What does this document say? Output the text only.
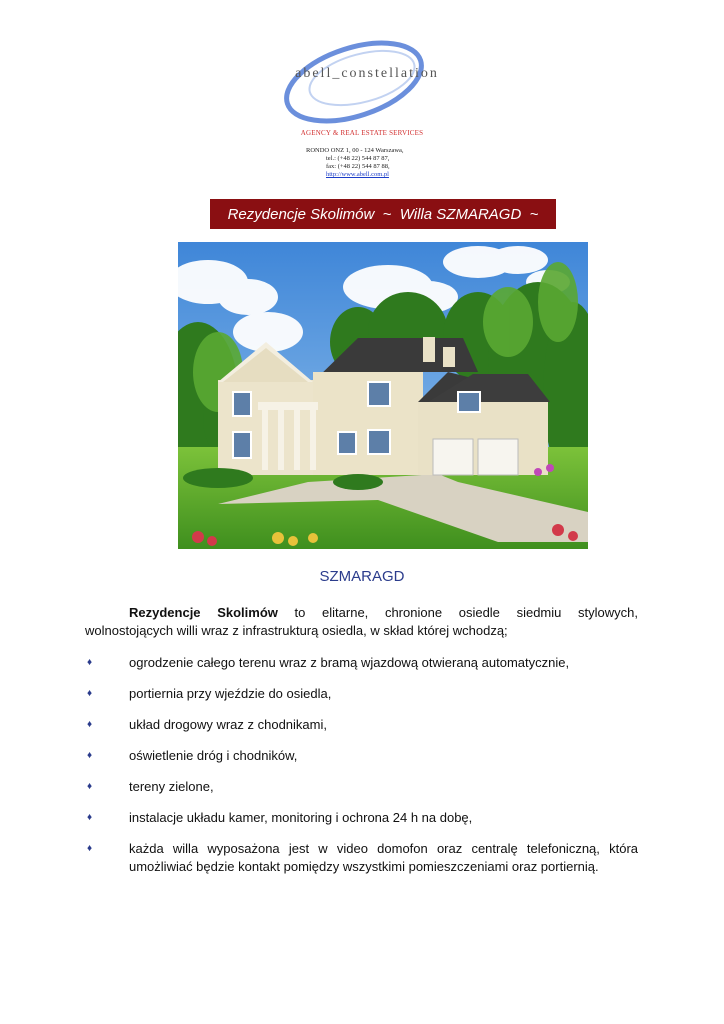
abell_constellation
AGENCY & REAL ESTATE SERVICES
RONDO ONZ 1, 00 - 124 Warszawa,
tel.: (+48 22) 544 87 87,
fax: (+48 22) 544 87 88,
http://www.abell.com.pl
Rezydencje Skolimów  ~  Willa SZMARAGD  ~
SZMARAGD
Rezydencje Skolimów to elitarne, chronione osiedle siedmiu stylowych, wolnostojących willi wraz z infrastrukturą osiedla, w skład której wchodzą;
♦	ogrodzenie całego terenu wraz z bramą wjazdową otwieraną automatycznie,
♦	portiernia przy wjeździe do osiedla,
♦	układ drogowy wraz z chodnikami,
♦	oświetlenie dróg i chodników,
♦	tereny zielone,
♦	instalacje układu kamer, monitoring i ochrona 24 h na dobę,
♦	każda willa wyposażona jest w video domofon oraz centralę telefoniczną, która umożliwiać będzie kontakt pomiędzy wszystkimi pomieszczeniami oraz portiernią.
